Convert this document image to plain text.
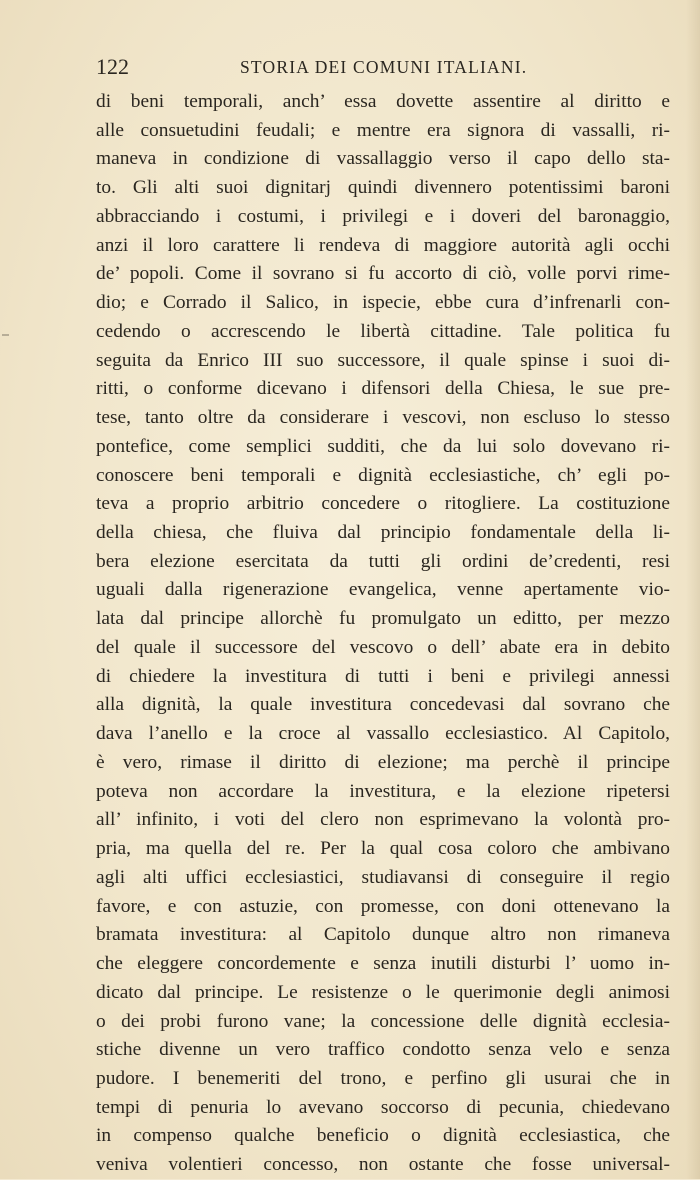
122	STORIA DEI COMUNI ITALIANI.
di beni temporali, anch’ essa dovette assentire al diritto e
alle consuetudini feudali; e mentre era signora di vassalli, ri-
maneva in condizione di vassallaggio verso il capo dello sta-
to. Gli alti suoi dignitarj quindi divennero potentissimi baroni
abbracciando i costumi, i privilegi e i doveri del baronaggio,
anzi il loro carattere li rendeva di maggiore autorità agli occhi
de’ popoli. Come il sovrano si fu accorto di ciò, volle porvi rime-
dio; e Corrado il Salico, in ispecie, ebbe cura d’infrenarli con-
cedendo o accrescendo le libertà cittadine. Tale politica fu
seguita da Enrico III suo successore, il quale spinse i suoi di-
ritti, o conforme dicevano i difensori della Chiesa, le sue pre-
tese, tanto oltre da considerare i vescovi, non escluso lo stesso
pontefice, come semplici sudditi, che da lui solo dovevano ri-
conoscere beni temporali e dignità ecclesiastiche, ch’ egli po-
teva a proprio arbitrio concedere o ritogliere. La costituzione
della chiesa, che fluiva dal principio fondamentale della li-
bera elezione esercitata da tutti gli ordini de’credenti, resi
uguali dalla rigenerazione evangelica, venne apertamente vio-
lata dal principe allorchè fu promulgato un editto, per mezzo
del quale il successore del vescovo o dell’ abate era in debito
di chiedere la investitura di tutti i beni e privilegi annessi
alla dignità, la quale investitura concedevasi dal sovrano che
dava l’anello e la croce al vassallo ecclesiastico. Al Capitolo,
è vero, rimase il diritto di elezione; ma perchè il principe
poteva non accordare la investitura, e la elezione ripetersi
all’ infinito, i voti del clero non esprimevano la volontà pro-
pria, ma quella del re. Per la qual cosa coloro che ambivano
agli alti uffici ecclesiastici, studiavansi di conseguire il regio
favore, e con astuzie, con promesse, con doni ottenevano la
bramata investitura: al Capitolo dunque altro non rimaneva
che eleggere concordemente e senza inutili disturbi l’ uomo in-
dicato dal principe. Le resistenze o le querimonie degli animosi
o dei probi furono vane; la concessione delle dignità ecclesia-
stiche divenne un vero traffico condotto senza velo e senza
pudore. I benemeriti del trono, e perfino gli usurai che in
tempi di penuria lo avevano soccorso di pecunia, chiedevano
in compenso qualche beneficio o dignità ecclesiastica, che
veniva volentieri concesso, non ostante che fosse universal-
